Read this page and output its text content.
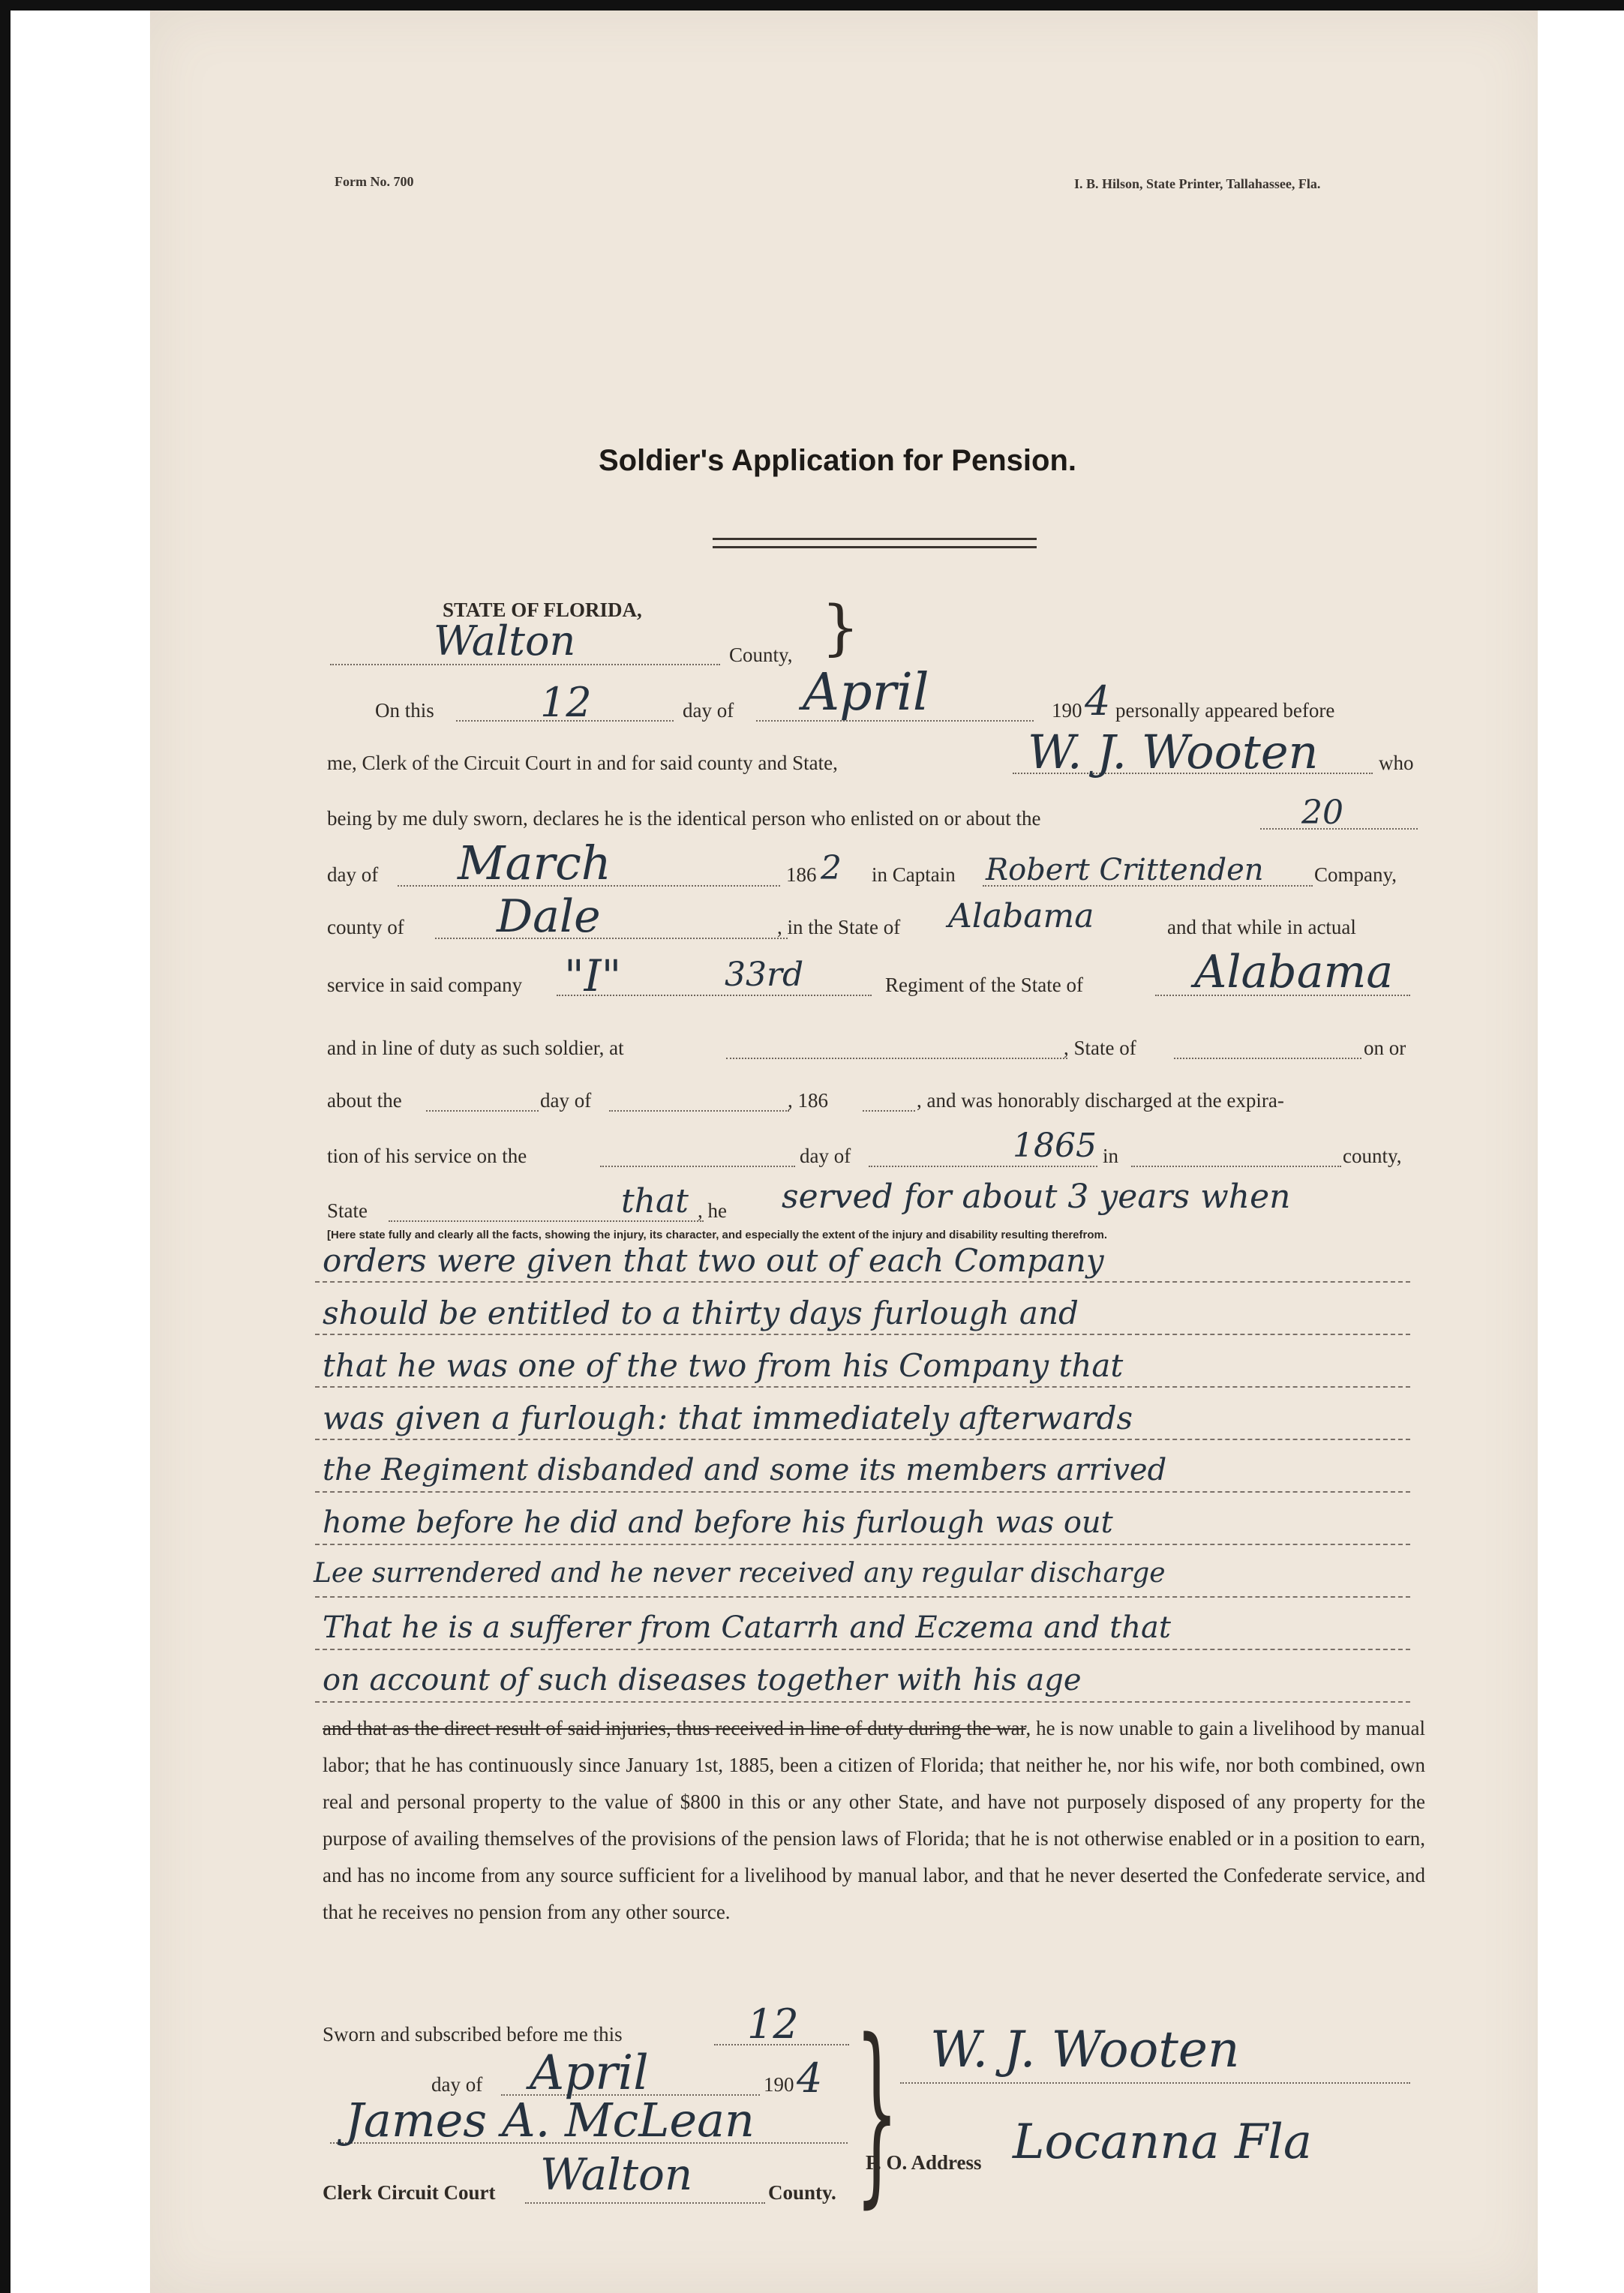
Form No. 700	I. B. Hilson, State Printer, Tallahassee, Fla.
Soldier's Application for Pension.
STATE OF FLORIDA,
Walton	County, }
On this	12	day of April	190 4 personally appeared before
me, Clerk of the Circuit Court in and for said county and State,	W. J. Wooten	who
being by me duly sworn, declares he is the identical person who enlisted on or about the	20
day of March	186 2 in Captain Robert Crittenden Company,
county of Dale	, in the State of Alabama	and that while in actual
service in said company "I"	33rd	Regiment of the State of Alabama
and in line of duty as such soldier, at	, State of	on or
about the	day of	, 186	, and was honorably discharged at the expira-
tion of his service on the	day of	1865 in	county,
State	that , he served for about 3 years when
[Here state fully and clearly all the facts, showing the injury, its character, and especially the extent of the injury and disability resulting therefrom.
orders were given that two out of each Company
should be entitled to a thirty days furlough and
that he was one of the two from his Company that
was given a furlough: that immediately afterwards
the Regiment disbanded and some its members arrived
home before he did and before his furlough was out
Lee surrendered and he never received any regular discharge
That he is a sufferer from Catarrh and Eczema and that
on account of such diseases together with his age
and that as the direct result of said injuries, thus received in line of duty during the war, he is now unable to gain a livelihood by manual labor; that he has continuously since January 1st, 1885, been a citizen of Florida; that neither he, nor his wife, nor both combined, own real and personal property to the value of $800 in this or any other State, and have not purposely disposed of any property for the purpose of availing themselves of the provisions of the pension laws of Florida; that he is not otherwise enabled or in a position to earn, and has no income from any source sufficient for a livelihood by manual labor, and that he never deserted the Confederate service, and that he receives no pension from any other source.
Sworn and subscribed before me this	12
day of April	190 4
James A. McLean
Clerk Circuit Court Walton	County. } W. J. Wooten
P. O. Address Locanna Fla
